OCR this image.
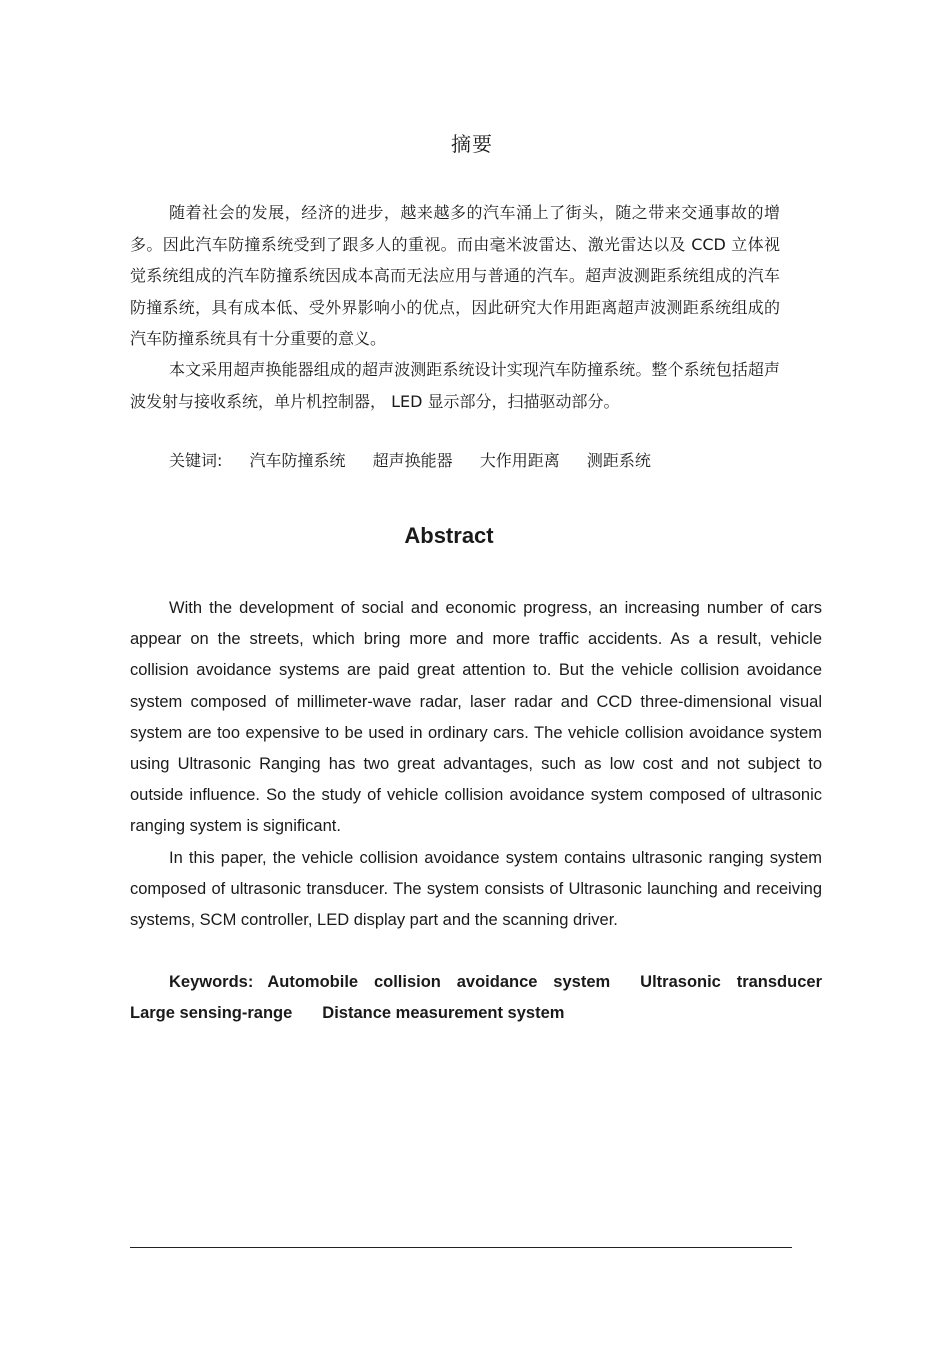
摘要

随着社会的发展，经济的进步，越来越多的汽车涌上了街头，随之带来交通事故的增多。因此汽车防撞系统受到了跟多人的重视。而由毫米波雷达、激光雷达以及 CCD 立体视觉系统组成的汽车防撞系统因成本高而无法应用与普通的汽车。超声波测距系统组成的汽车防撞系统，具有成本低、受外界影响小的优点，因此研究大作用距离超声波测距系统组成的汽车防撞系统具有十分重要的意义。

本文采用超声换能器组成的超声波测距系统设计实现汽车防撞系统。整个系统包括超声波发射与接收系统，单片机控制器， LED 显示部分，扫描驱动部分。

关键词: 汽车防撞系统 超声换能器 大作用距离 测距系统
Abstract

With the development of social and economic progress, an increasing number of cars appear on the streets, which bring more and more traffic accidents. As a result, vehicle collision avoidance systems are paid great attention to. But the vehicle collision avoidance system composed of millimeter-wave radar, laser radar and CCD three-dimensional visual system are too expensive to be used in ordinary cars. The vehicle collision avoidance system using Ultrasonic Ranging has two great advantages, such as low cost and not subject to outside influence. So the study of vehicle collision avoidance system composed of ultrasonic ranging system is significant.

In this paper, the vehicle collision avoidance system contains ultrasonic ranging system composed of ultrasonic transducer. The system consists of Ultrasonic launching and receiving systems, SCM controller, LED display part and the scanning driver.

Keywords: Automobile collision avoidance system Ultrasonic transducer Large sensing-range Distance measurement system
